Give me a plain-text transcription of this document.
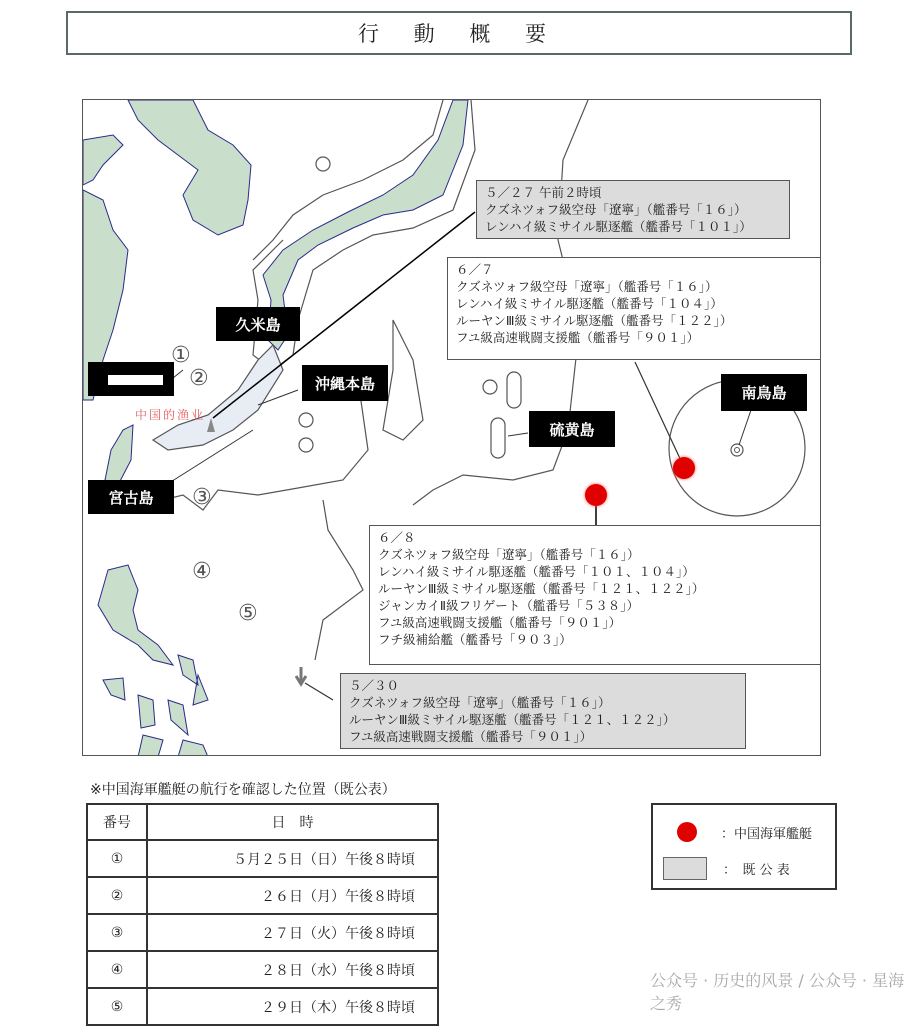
行 動 概 要
久米島
沖縄本島
宮古島
硫黄島
南鳥島
中国的渔业
①
②
③
④
⑤
５／２７ 午前２時頃
クズネツォフ級空母「遼寧」（艦番号「１６」）
レンハイ級ミサイル駆逐艦（艦番号「１０１」）
６／７
クズネツォフ級空母「遼寧」（艦番号「１６」）
レンハイ級ミサイル駆逐艦（艦番号「１０４」）
ルーヤンⅢ級ミサイル駆逐艦（艦番号「１２２」）
フユ級高速戦闘支援艦（艦番号「９０１」）
６／８
クズネツォフ級空母「遼寧」（艦番号「１６」）
レンハイ級ミサイル駆逐艦（艦番号「１０１、１０４」）
ルーヤンⅢ級ミサイル駆逐艦（艦番号「１２１、１２２」）
ジャンカイⅡ級フリゲート（艦番号「５３８」）
フユ級高速戦闘支援艦（艦番号「９０１」）
フチ級補給艦（艦番号「９０３」）
５／３０
クズネツォフ級空母「遼寧」（艦番号「１６」）
ルーヤンⅢ級ミサイル駆逐艦（艦番号「１２１、１２２」）
フユ級高速戦闘支援艦（艦番号「９０１」）
※中国海軍艦艇の航行を確認した位置（既公表）
番号	日　時
①	５月２５日（日）午後８時頃
②	２６日（月）午後８時頃
③	２７日（火）午後８時頃
④	２８日（水）午後８時頃
⑤	２９日（木）午後８時頃
：中国海軍艦艇
：　既 公 表
公众号 · 历史的风景 / 公众号 · 星海之秀
